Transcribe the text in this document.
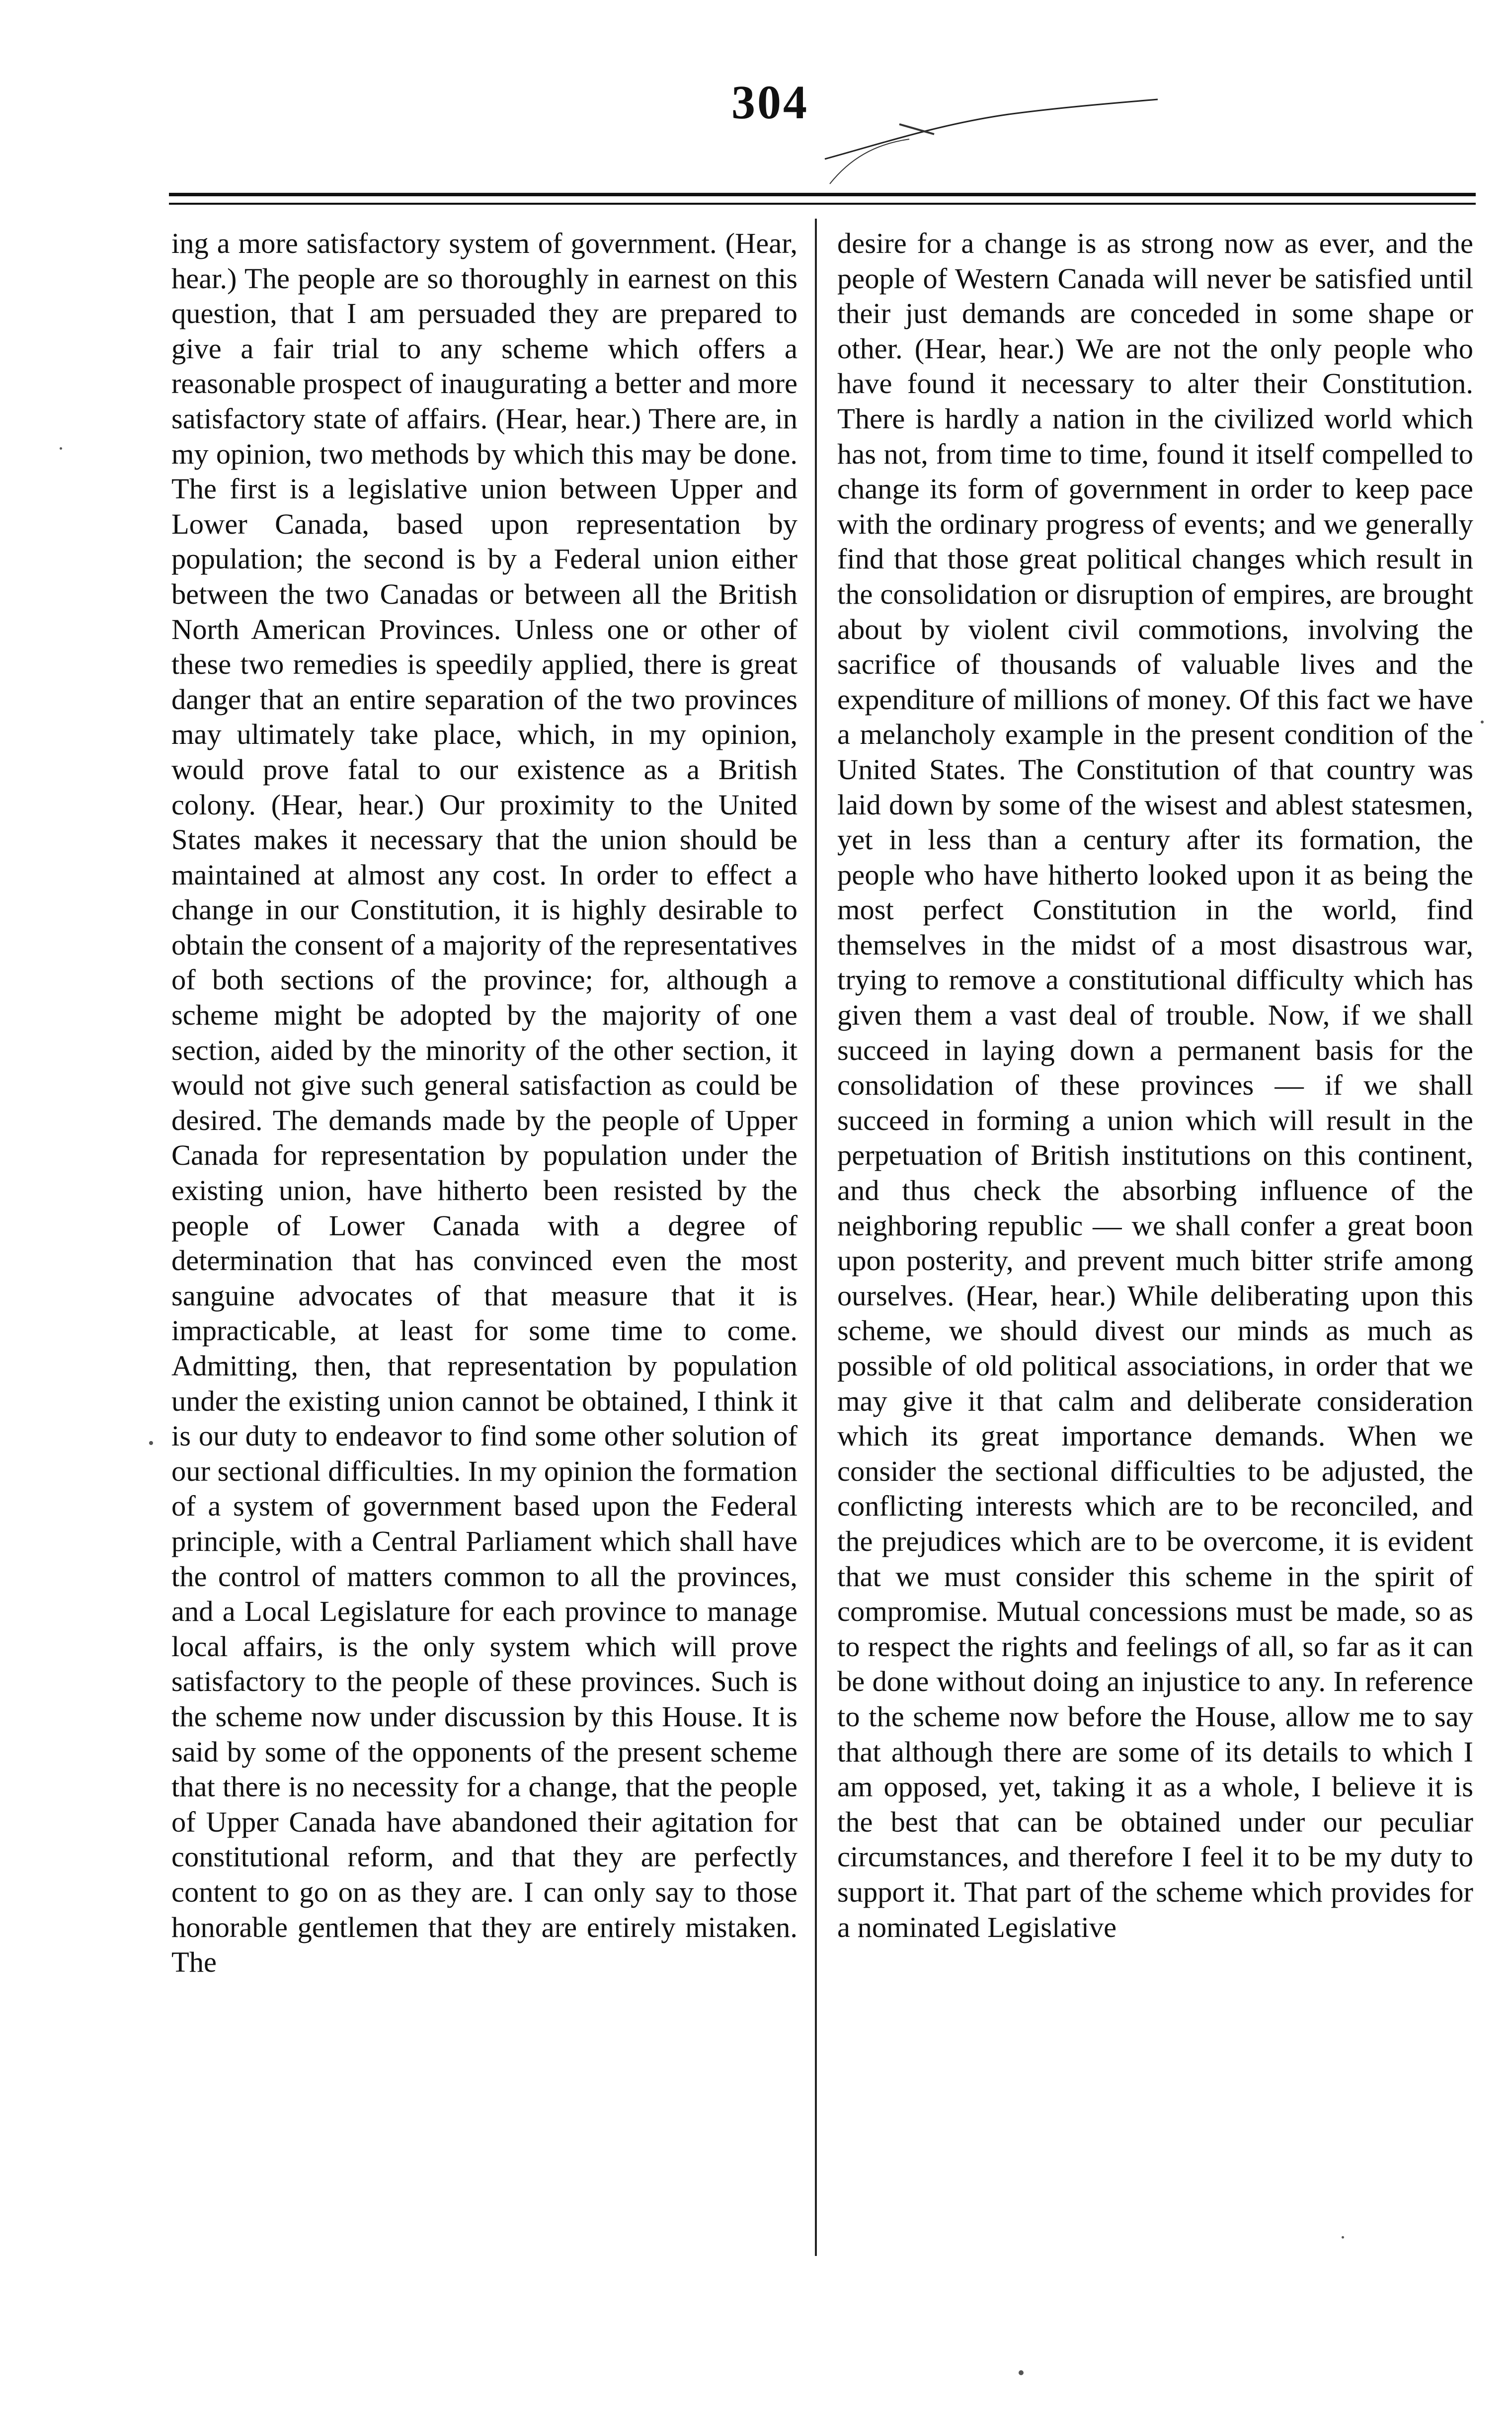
304

ing a more satisfactory system of government. (Hear, hear.) The people are so thoroughly in earnest on this question, that I am persuaded they are prepared to give a fair trial to any scheme which offers a reasonable prospect of inaugurating a better and more satisfactory state of affairs. (Hear, hear.) There are, in my opinion, two methods by which this may be done. The first is a legislative union between Upper and Lower Canada, based upon representation by population; the second is by a Federal union either between the two Canadas or between all the British North American Provinces. Unless one or other of these two remedies is speedily applied, there is great danger that an entire separation of the two provinces may ultimately take place, which, in my opinion, would prove fatal to our existence as a British colony. (Hear, hear.) Our proximity to the United States makes it necessary that the union should be maintained at almost any cost. In order to effect a change in our Constitution, it is highly desirable to obtain the consent of a majority of the representatives of both sections of the province; for, although a scheme might be adopted by the majority of one section, aided by the minority of the other section, it would not give such general satisfaction as could be desired. The demands made by the people of Upper Canada for representation by population under the existing union, have hitherto been resisted by the people of Lower Canada with a degree of determination that has convinced even the most sanguine advocates of that measure that it is impracticable, at least for some time to come. Admitting, then, that representation by population under the existing union cannot be obtained, I think it is our duty to endeavor to find some other solution of our sectional difficulties. In my opinion the formation of a system of government based upon the Federal principle, with a Central Parliament which shall have the control of matters common to all the provinces, and a Local Legislature for each province to manage local affairs, is the only system which will prove satisfactory to the people of these provinces. Such is the scheme now under discussion by this House. It is said by some of the opponents of the present scheme that there is no necessity for a change, that the people of Upper Canada have abandoned their agitation for constitutional reform, and that they are perfectly content to go on as they are. I can only say to those honorable gentlemen that they are entirely mistaken. The

desire for a change is as strong now as ever, and the people of Western Canada will never be satisfied until their just demands are conceded in some shape or other. (Hear, hear.) We are not the only people who have found it necessary to alter their Constitution. There is hardly a nation in the civilized world which has not, from time to time, found it itself compelled to change its form of government in order to keep pace with the ordinary progress of events; and we generally find that those great political changes which result in the consolidation or disruption of empires, are brought about by violent civil commotions, involving the sacrifice of thousands of valuable lives and the expenditure of millions of money. Of this fact we have a melancholy example in the present condition of the United States. The Constitution of that country was laid down by some of the wisest and ablest statesmen, yet in less than a century after its formation, the people who have hitherto looked upon it as being the most perfect Constitution in the world, find themselves in the midst of a most disastrous war, trying to remove a constitutional difficulty which has given them a vast deal of trouble. Now, if we shall succeed in laying down a permanent basis for the consolidation of these provinces — if we shall succeed in forming a union which will result in the perpetuation of British institutions on this continent, and thus check the absorbing influence of the neighboring republic — we shall confer a great boon upon posterity, and prevent much bitter strife among ourselves. (Hear, hear.) While deliberating upon this scheme, we should divest our minds as much as possible of old political associations, in order that we may give it that calm and deliberate consideration which its great importance demands. When we consider the sectional difficulties to be adjusted, the conflicting interests which are to be reconciled, and the prejudices which are to be overcome, it is evident that we must consider this scheme in the spirit of compromise. Mutual concessions must be made, so as to respect the rights and feelings of all, so far as it can be done without doing an injustice to any. In reference to the scheme now before the House, allow me to say that although there are some of its details to which I am opposed, yet, taking it as a whole, I believe it is the best that can be obtained under our peculiar circumstances, and therefore I feel it to be my duty to support it. That part of the scheme which provides for a nominated Legislative
